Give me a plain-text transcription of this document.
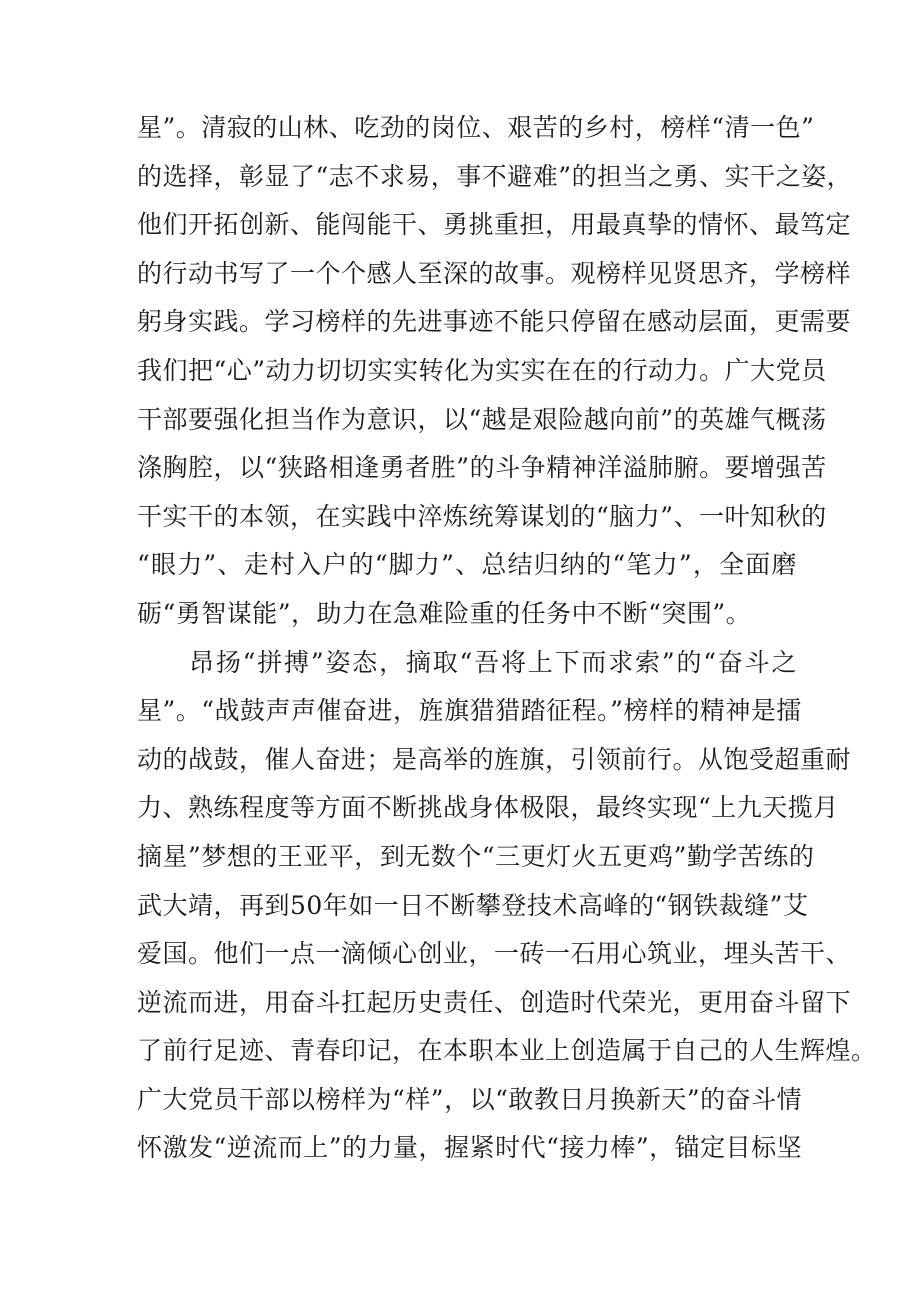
星”。清寂的山林、吃劲的岗位、艰苦的乡村，榜样“清一色”
的选择，彰显了“志不求易，事不避难”的担当之勇、实干之姿，
他们开拓创新、能闯能干、勇挑重担，用最真挚的情怀、最笃定
的行动书写了一个个感人至深的故事。观榜样见贤思齐，学榜样
躬身实践。学习榜样的先进事迹不能只停留在感动层面，更需要
我们把“心”动力切切实实转化为实实在在的行动力。广大党员
干部要强化担当作为意识，以“越是艰险越向前”的英雄气概荡
涤胸腔，以“狭路相逢勇者胜”的斗争精神洋溢肺腑。要增强苦
干实干的本领，在实践中淬炼统筹谋划的“脑力”、一叶知秋的
“眼力”、走村入户的“脚力”、总结归纳的“笔力”，全面磨
砺“勇智谋能”，助力在急难险重的任务中不断“突围”。
昂扬“拼搏”姿态，摘取“吾将上下而求索”的“奋斗之
星”。“战鼓声声催奋进，旌旗猎猎踏征程。”榜样的精神是擂
动的战鼓，催人奋进；是高举的旌旗，引领前行。从饱受超重耐
力、熟练程度等方面不断挑战身体极限，最终实现“上九天揽月
摘星”梦想的王亚平，到无数个“三更灯火五更鸡”勤学苦练的
武大靖，再到50年如一日不断攀登技术高峰的“钢铁裁缝”艾
爱国。他们一点一滴倾心创业，一砖一石用心筑业，埋头苦干、
逆流而进，用奋斗扛起历史责任、创造时代荣光，更用奋斗留下
了前行足迹、青春印记，在本职本业上创造属于自己的人生辉煌。
广大党员干部以榜样为“样”，以“敢教日月换新天”的奋斗情
怀激发“逆流而上”的力量，握紧时代“接力棒”，锚定目标坚
